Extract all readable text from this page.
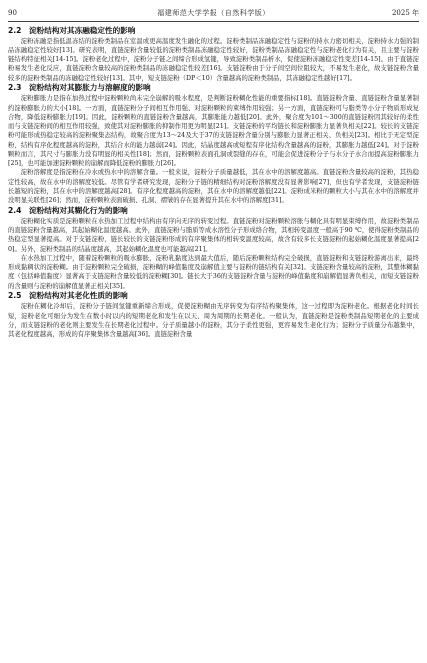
90	福建师范大学学报（自然科学版）	2025 年
2.2　淀粉结构对其冻融稳定性的影响

淀粉冻融是指低温冻结的淀粉类制品在室温或更高温度发生融化的过程。淀粉类制品冻融稳定性与淀粉的持水力密切相关，淀粉持水力强的制品冻融稳定性较好[13]。研究表明，直链淀粉含量较低的淀粉类制品冻融稳定性较好，淀粉类制品冻融稳定性与淀粉老化行为有关，且主要与淀粉链结构特征相关[14-15]。淀粉老化过程中，淀粉分子链之间缔合形成氢键，导致淀粉类制品析水，促使淀粉冻融稳定性变差[14-15]。由于直链淀粉易发生老化反应，直链淀粉含量较高的淀粉类制品的冻融稳定性较差[16]。支链淀粉由于分子间空间位阻较大，不易发生老化，故支链淀粉含量较多的淀粉类制品的冻融稳定性较好[13]。其中，短支链淀粉（DP＜10）含量越高的淀粉类制品，其冻融稳定性越好[17]。

2.3　淀粉结构对其膨胀力与溶解度的影响

淀粉膨胀力是指在加热过程中淀粉颗粒尚未完全崩解的吸水程度，是判断淀粉糊化性能的重要指标[18]。直链淀粉含量、直链淀粉含量显著制约淀粉膨胀力的大小[18]。一方面，直链淀粉分子间相互作用强、对淀粉颗粒的束缚作用较强；另一方面，直链淀粉可与脂类等小分子物质形成复合物，降低淀粉膨胀力[19]。因此，淀粉颗粒的直链淀粉含量越高，其膨胀能力越低[20]。此外，聚合度为101～300的直链淀粉因其较好的柔性而与支链淀粉间的相互作用较强，致使其对淀粉膨胀的抑制作用更为明显[21]。支链淀粉的平均链长和淀粉膨胀力显著负相关[22]。较长的支链淀粉可能形成热稳定较高的淀粉聚集态结构，故聚合度为13～24及大于37的支链淀粉含量分别与膨胀力显著正相关、负相关[23]。相比于无定型淀粉，结构有序化程度越高的淀粉，其结合水的能力越弱[24]。因此，结晶度越高或短程有序化结构含量越高的淀粉，其膨胀力越低[24]。对于淀粉颗粒而言，其尺寸与膨胀力没有明显的相关性[18]；然而，淀粉颗粒表面孔洞或裂缝的存在，可能会促进淀粉分子与水分子水合而提高淀粉膨胀力[25]，也可能加速淀粉颗粒的崩解而降低淀粉的膨胀力[26]。

淀粉溶解度是指淀粉在冷水或热水中的溶解含量。一般来说，淀粉分子质量越低，其在水中的溶解度越高。直链淀粉含量较高的淀粉，其热稳定性较高，故在水中的溶解度较低。尽管有学者研究发现，淀粉分子链的精细结构对淀粉溶解度没有显著影响[27]，但也有学者发现，支链淀粉链长越短的淀粉，其在水中的溶解度越高[28]。有序化程度越高的淀粉，其在水中的溶解度越低[22]。淀粉成米粉的颗粒大小与其在水中的溶解度并没明显关联性[26]；然而，淀粉颗粒表面破损、孔洞、褶皱的存在显著提升其在水中的溶解度[31]。

2.4　淀粉结构对其糊化行为的影响

淀粉糊化实质是淀粉颗粒在水热加工过程中结构由有序向无序的转变过程。直链淀粉对淀粉颗粒溶胀与糊化具有明显束缚作用，故淀粉类制品的直链淀粉含量越高，其起始糊化温度越高。此外，直链淀粉与脂质等成水溶性分子形成络合物，其相转变温度一般高于90 ℃，使得淀粉类制品的热稳定型显著提高。对于支链淀粉，链长较长的支链淀粉形成的有序聚集体的相转变温度较高，故含有较多长支链淀粉的起始糊化温度显著提高[20]。另外，淀粉类制品的结晶度越高，其起始糊化温度也可能越高[21]。

在水热加工过程中，随着淀粉颗粒的吸水膨胀，淀粉乳黏度达到最大值后，随后淀粉颗粒结构完全破损，直链淀粉和支链淀粉游离出来，最终形成黏稠状的淀粉糊。由于淀粉颗粒完全破损，淀粉糊的峰值黏度及崩解值主要与淀粉的链结构有关[32]。支链淀粉含量较高的淀粉，其整体糊黏度（包括峰值黏度）显著高于支链淀粉含量较低的淀粉糊[30]。链长大于36的支链淀粉含量与淀粉的峰值黏度和崩解值显著负相关，而短支链淀粉的含量则与淀粉的崩解值显著正相关[35]。

2.5　淀粉结构对其老化性质的影响

淀粉在糊化冷却后，淀粉分子链间氢键重新缔合形成，促使淀粉糊由无序转变为有序结构聚集体，这一过程即为淀粉老化。根据老化时间长短，淀粉老化可细分为发生在数小时以内的短期老化和发生在以天、周为周期的长期老化。一般认为，直链淀粉是淀粉类制品短期老化的主要成分，而支链淀粉的老化则主要发生在长期老化过程中。分子质量越小的淀粉，其分子柔性更强，更容易发生老化行为；淀粉分子质量分布越集中，其老化程度越高，形成的有序聚集体含量越高[36]。直链淀粉含量
